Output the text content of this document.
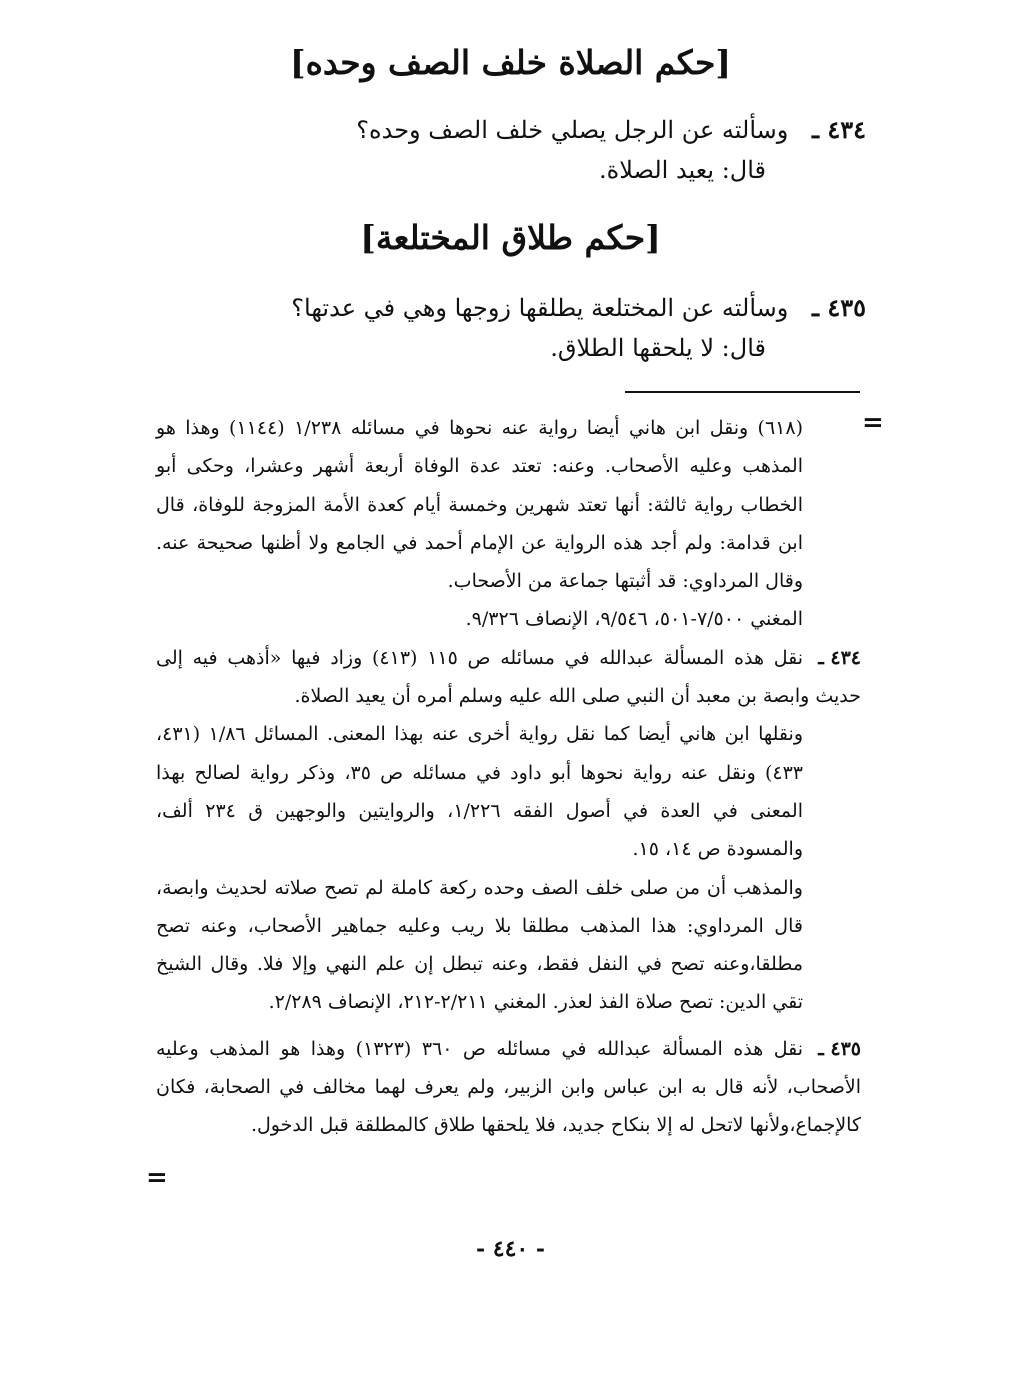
[حكم الصلاة خلف الصف وحده]
٤٣٤ ـ وسألته عن الرجل يصلي خلف الصف وحده؟
قال: يعيد الصلاة.
[حكم طلاق المختلعة]
٤٣٥ ـ وسألته عن المختلعة يطلقها زوجها وهي في عدتها؟
قال: لا يلحقها الطلاق.
=

(٦١٨) ونقل ابن هاني أيضا رواية عنه نحوها في مسائله ١/٢٣٨ (١١٤٤) وهذا هو المذهب وعليه الأصحاب. وعنه: تعتد عدة الوفاة أربعة أشهر وعشرا، وحكى أبو الخطاب رواية ثالثة: أنها تعتد شهرين وخمسة أيام كعدة الأمة المزوجة للوفاة، قال ابن قدامة: ولم أجد هذه الرواية عن الإمام أحمد في الجامع ولا أظنها صحيحة عنه. وقال المرداوي: قد أثبتها جماعة من الأصحاب.

المغني ٧/٥٠٠-٥٠١، ٩/٥٤٦، الإنصاف ٩/٣٢٦.

٤٣٤ ـنقل هذه المسألة عبدالله في مسائله ص ١١٥ (٤١٣) وزاد فيها «أذهب فيه إلى حديث وابصة بن معبد أن النبي صلى الله عليه وسلم أمره أن يعيد الصلاة.

ونقلها ابن هاني أيضا كما نقل رواية أخرى عنه بهذا المعنى. المسائل ١/٨٦ (٤٣١، ٤٣٣) ونقل عنه رواية نحوها أبو داود في مسائله ص ٣٥، وذكر رواية لصالح بهذا المعنى في العدة في أصول الفقه ١/٢٢٦، والروايتين والوجهين ق ٢٣٤ ألف، والمسودة ص ١٤، ١٥.

والمذهب أن من صلى خلف الصف وحده ركعة كاملة لم تصح صلاته لحديث وابصة، قال المرداوي: هذا المذهب مطلقا بلا ريب وعليه جماهير الأصحاب، وعنه تصح مطلقا،وعنه تصح في النفل فقط، وعنه تبطل إن علم النهي وإلا فلا. وقال الشيخ تقي الدين: تصح صلاة الفذ لعذر. المغني ٢/٢١١-٢١٢، الإنصاف ٢/٢٨٩.

٤٣٥ ـنقل هذه المسألة عبدالله في مسائله ص ٣٦٠ (١٣٢٣) وهذا هو المذهب وعليه الأصحاب، لأنه قال به ابن عباس وابن الزبير، ولم يعرف لهما مخالف في الصحابة، فكان كالإجماع،ولأنها لاتحل له إلا بنكاح جديد، فلا يلحقها طلاق كالمطلقة قبل الدخول.

=
- ٤٤٠ -
